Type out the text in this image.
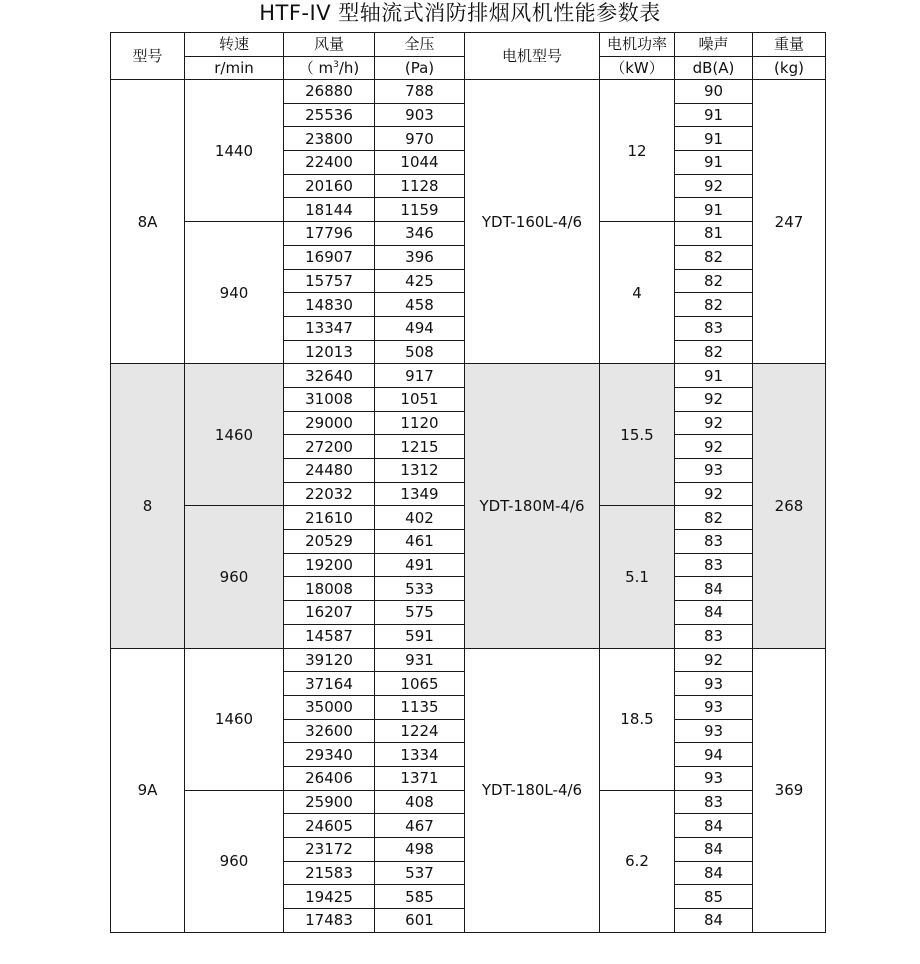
HTF-IV 型轴流式消防排烟风机性能参数表
型号	转速	风量	全压	电机型号	电机功率	噪声	重量
	r/min	（ $m^3/h$)	(Pa)		（kW）	dB(A)	(kg)
8A	1440	26880	788	YDT-160L-4/6	12	90	247
		25536	903			91	
		23800	970			91	
		22400	1044			91	
		20160	1128			92	
		18144	1159			91	
	940	17796	346		4	81	
		16907	396			82	
		15757	425			82	
		14830	458			82	
		13347	494			83	
		12013	508			82	
8	1460	32640	917	YDT-180M-4/6	15.5	91	268
		31008	1051			92	
		29000	1120			92	
		27200	1215			92	
		24480	1312			93	
		22032	1349			92	
	960	21610	402		5.1	82	
		20529	461			83	
		19200	491			83	
		18008	533			84	
		16207	575			84	
		14587	591			83	
9A	1460	39120	931	YDT-180L-4/6	18.5	92	369
		37164	1065			93	
		35000	1135			93	
		32600	1224			93	
		29340	1334			94	
		26406	1371			93	
	960	25900	408		6.2	83	
		24605	467			84	
		23172	498			84	
		21583	537			84	
		19425	585			85	
		17483	601			84	
